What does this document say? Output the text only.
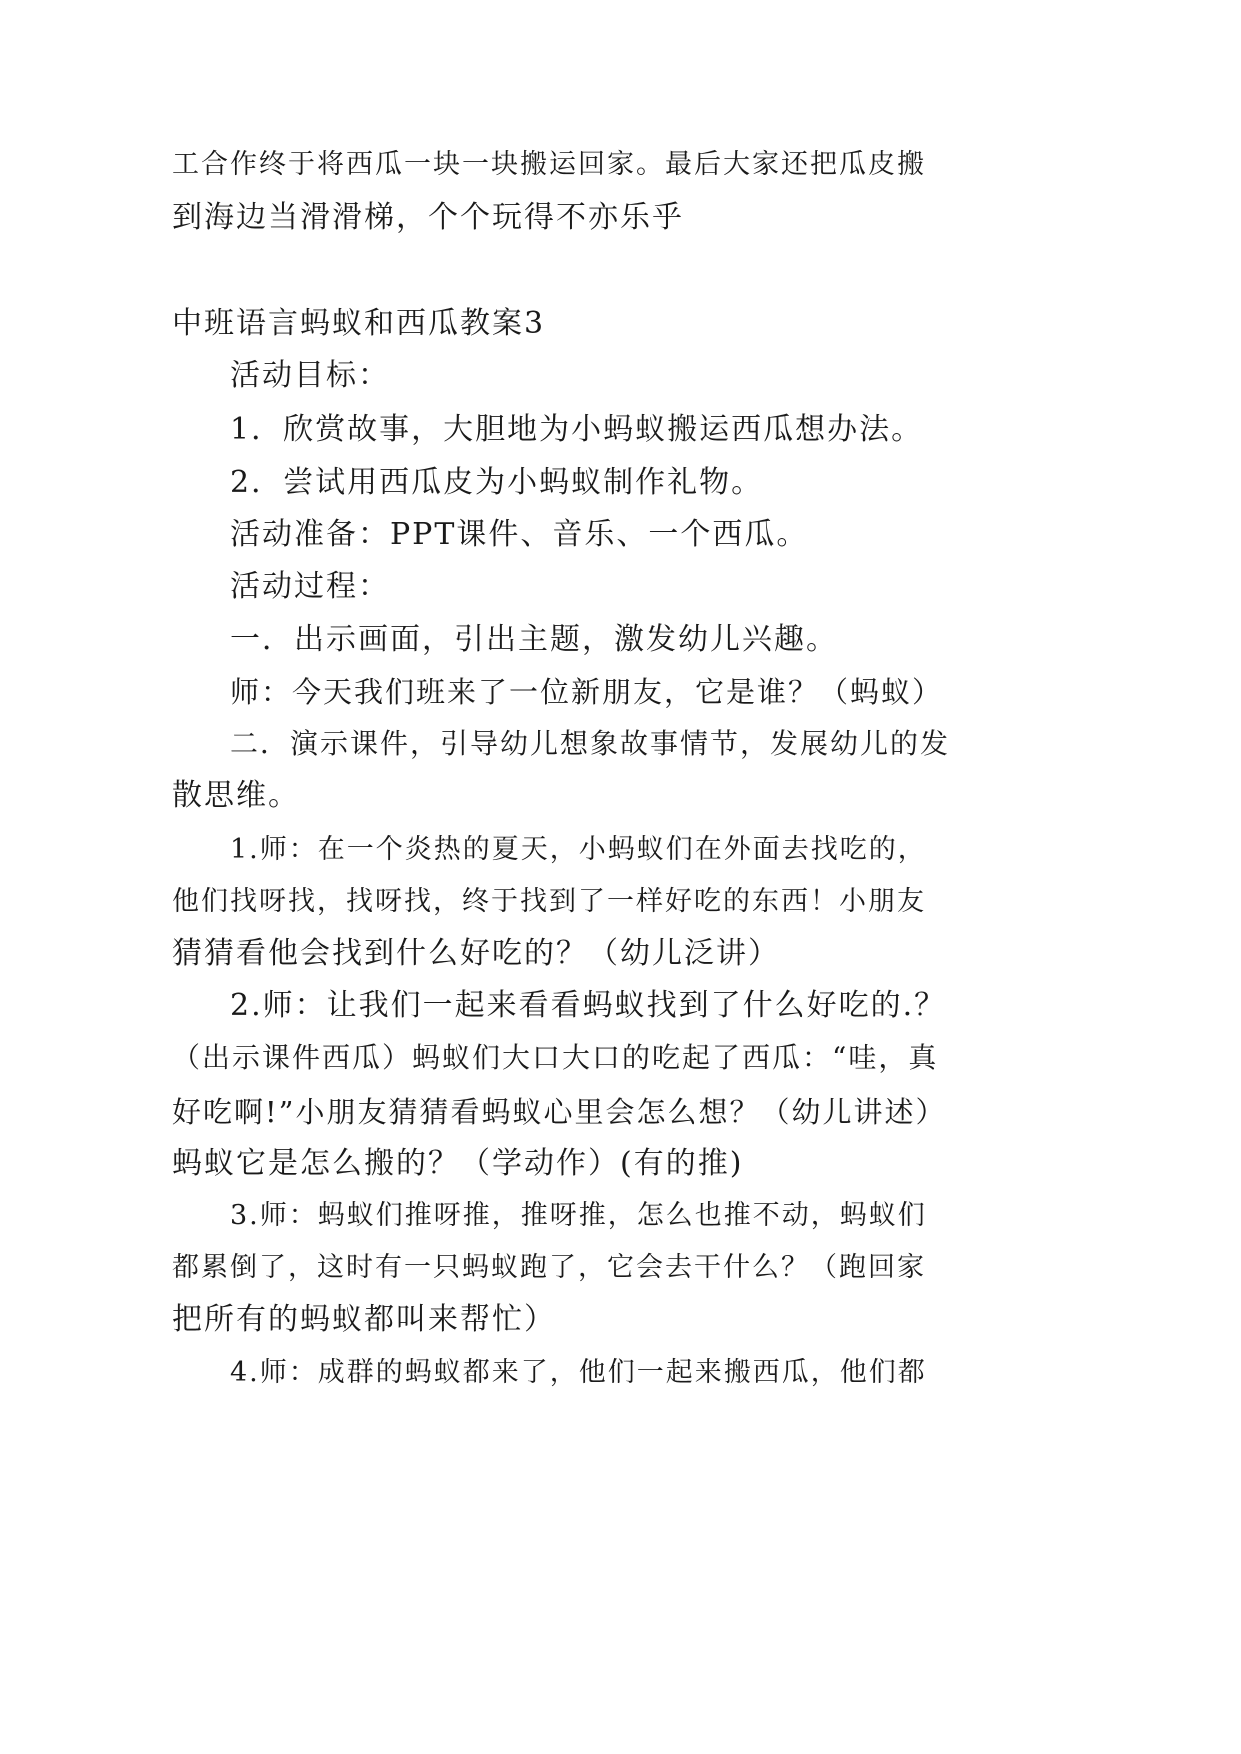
工合作终于将西瓜一块一块搬运回家。最后大家还把瓜皮搬
到海边当滑滑梯，个个玩得不亦乐乎
中班语言蚂蚁和西瓜教案3
活动目标：
1．欣赏故事，大胆地为小蚂蚁搬运西瓜想办法。
2．尝试用西瓜皮为小蚂蚁制作礼物。
活动准备：PPT课件、音乐、一个西瓜。
活动过程：
一．出示画面，引出主题，激发幼儿兴趣。
师：今天我们班来了一位新朋友，它是谁？（蚂蚁）
二．演示课件，引导幼儿想象故事情节，发展幼儿的发
散思维。
1.师：在一个炎热的夏天，小蚂蚁们在外面去找吃的，
他们找呀找，找呀找，终于找到了一样好吃的东西！小朋友
猜猜看他会找到什么好吃的？（幼儿泛讲）
2.师：让我们一起来看看蚂蚁找到了什么好吃的.？
（出示课件西瓜）蚂蚁们大口大口的吃起了西瓜：“哇，真
好吃啊!”小朋友猜猜看蚂蚁心里会怎么想？（幼儿讲述）
蚂蚁它是怎么搬的？（学动作）(有的推)
3.师：蚂蚁们推呀推，推呀推，怎么也推不动，蚂蚁们
都累倒了，这时有一只蚂蚁跑了，它会去干什么？（跑回家
把所有的蚂蚁都叫来帮忙）
4.师：成群的蚂蚁都来了，他们一起来搬西瓜，他们都
